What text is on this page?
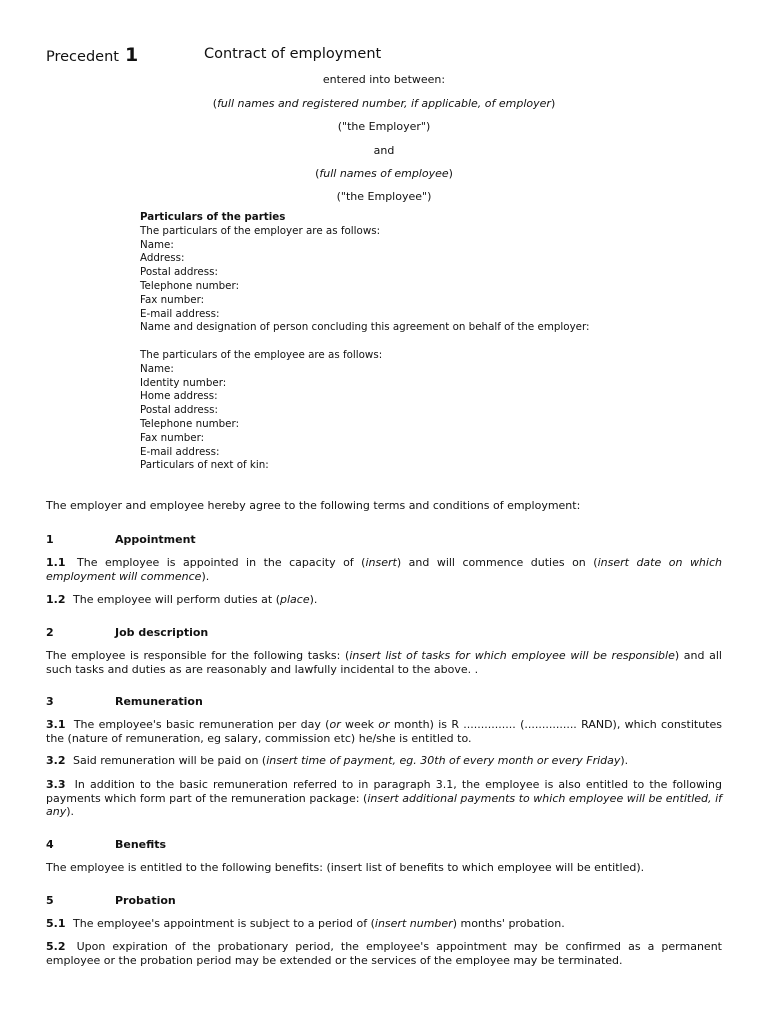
Precedent 1	Contract of employment
entered into between:
(full names and registered number, if applicable, of employer)
("the Employer")
and
(full names of employee)
("the Employee")
Particulars of the parties
The particulars of the employer are as follows:
Name:
Address:
Postal address:
Telephone number:
Fax number:
E-mail address:
Name and designation of person concluding this agreement on behalf of the employer:
The particulars of the employee are as follows:
Name:
Identity number:
Home address:
Postal address:
Telephone number:
Fax number:
E-mail address:
Particulars of next of kin:
The employer and employee hereby agree to the following terms and conditions of employment:
1	Appointment
1.1 The employee is appointed in the capacity of (insert) and will commence duties on (insert date on which employment will commence).
1.2 The employee will perform duties at (place).
2	Job description
The employee is responsible for the following tasks: (insert list of tasks for which employee will be responsible) and all such tasks and duties as are reasonably and lawfully incidental to the above. .
3	Remuneration
3.1 The employee's basic remuneration per day (or week or month) is R ............... (............... RAND), which constitutes the (nature of remuneration, eg salary, commission etc) he/she is entitled to.
3.2 Said remuneration will be paid on (insert time of payment, eg. 30th of every month or every Friday).
3.3 In addition to the basic remuneration referred to in paragraph 3.1, the employee is also entitled to the following payments which form part of the remuneration package: (insert additional payments to which employee will be entitled, if any).
4	Benefits
The employee is entitled to the following benefits: (insert list of benefits to which employee will be entitled).
5	Probation
5.1 The employee's appointment is subject to a period of (insert number) months' probation.
5.2 Upon expiration of the probationary period, the employee's appointment may be confirmed as a permanent employee or the probation period may be extended or the services of the employee may be terminated.
